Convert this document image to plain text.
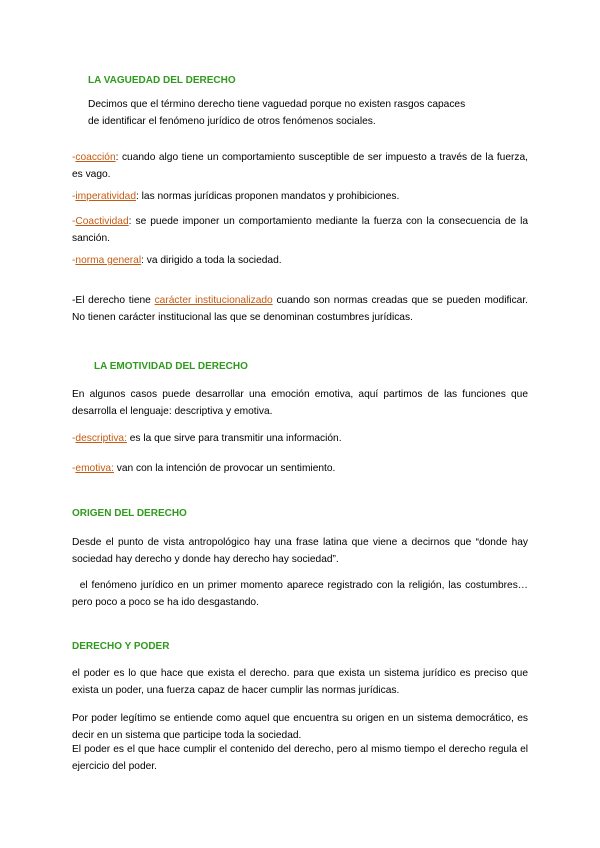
LA VAGUEDAD DEL DERECHO

Decimos que el término derecho tiene vaguedad porque no existen rasgos capaces

de identificar el fenómeno jurídico de otros fenómenos sociales.

-coacción: cuando algo tiene un comportamiento susceptible de ser impuesto a través de la fuerza, es vago.
-imperatividad: las normas jurídicas proponen mandatos y prohibiciones.
-Coactividad: se puede imponer un comportamiento mediante la fuerza con la consecuencia de la sanción.
-norma general: va dirigido a toda la sociedad.
-El derecho tiene carácter institucionalizado cuando son normas creadas que se pueden modificar. No tienen carácter institucional las que se denominan costumbres jurídicas.
LA EMOTIVIDAD DEL DERECHO
En algunos casos puede desarrollar una emoción emotiva, aquí partimos de las funciones que desarrolla el lenguaje: descriptiva y emotiva.
-descriptiva: es la que sirve para transmitir una información.
-emotiva: van con la intención de provocar un sentimiento.
ORIGEN DEL DERECHO
Desde el punto de vista antropológico hay una frase latina que viene a decirnos que “donde hay sociedad hay derecho y donde hay derecho hay sociedad”.
el fenómeno jurídico en un primer momento aparece registrado con la religión, las costumbres… pero poco a poco se ha ido desgastando.
DERECHO Y PODER
el poder es lo que hace que exista el derecho. para que exista un sistema jurídico es preciso que exista un poder, una fuerza capaz de hacer cumplir las normas jurídicas.
Por poder legítimo se entiende como aquel que encuentra su origen en un sistema democrático, es decir en un sistema que participe toda la sociedad.
El poder es el que hace cumplir el contenido del derecho, pero al mismo tiempo el derecho regula el ejercicio del poder.
